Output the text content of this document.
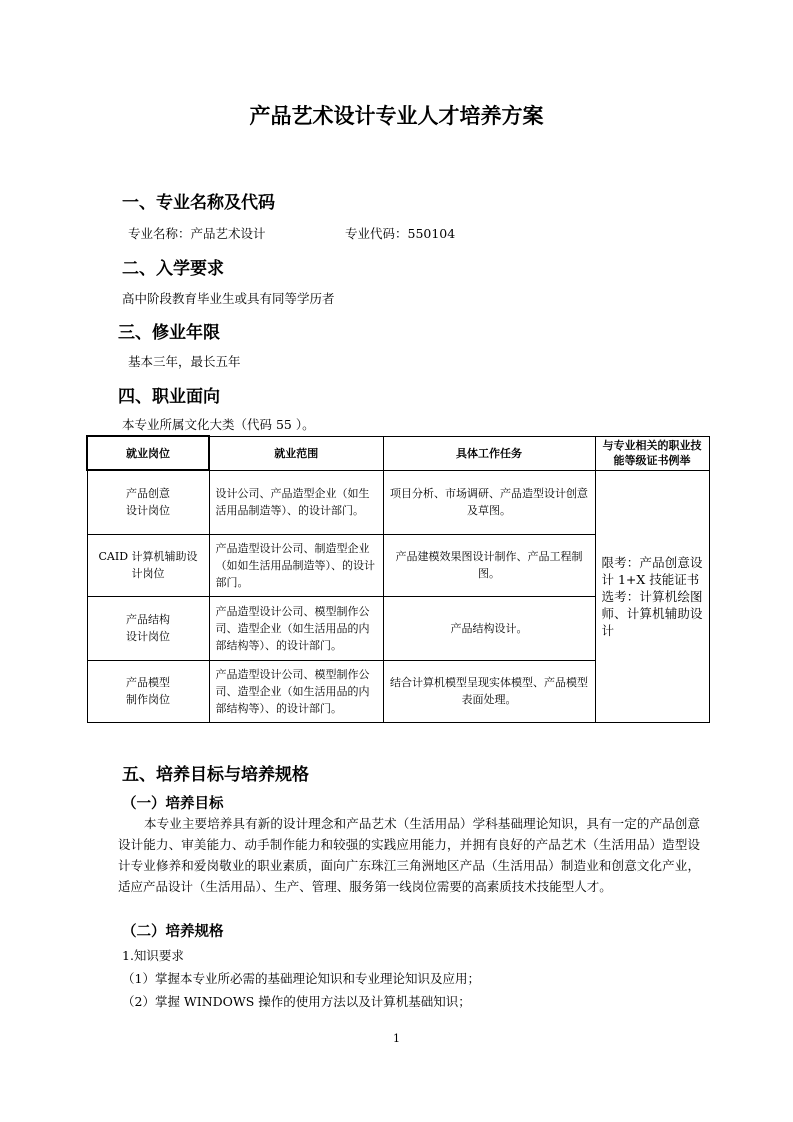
产品艺术设计专业人才培养方案
一、专业名称及代码
专业名称：产品艺术设计	专业代码：550104
二、入学要求
高中阶段教育毕业生或具有同等学历者
三、修业年限
基本三年，最长五年
四、职业面向
本专业所属文化大类（代码 55 ）。
就业岗位	就业范围	具体工作任务	与专业相关的职业技能等级证书例举
产品创意
设计岗位	设计公司、产品造型企业（如生活用品制造等）、的设计部门。	项目分析、市场调研、产品造型设计创意及草图。	限考：产品创意设计 1+X 技能证书
选考：计算机绘图师、计算机辅助设计
CAID 计算机辅助设
计岗位	产品造型设计公司、制造型企业（如如生活用品制造等）、的设计部门。	产品建模效果图设计制作、产品工程制图。	
产品结构
设计岗位	产品造型设计公司、模型制作公司、造型企业（如生活用品的内部结构等）、的设计部门。	产品结构设计。	
产品模型
制作岗位	产品造型设计公司、模型制作公司、造型企业（如生活用品的内部结构等）、的设计部门。	结合计算机模型呈现实体模型、产品模型表面处理。	
五、培养目标与培养规格
（一）培养目标
本专业主要培养具有新的设计理念和产品艺术（生活用品）学科基础理论知识，具有一定的产品创意设计能力、审美能力、动手制作能力和较强的实践应用能力，并拥有良好的产品艺术（生活用品）造型设计专业修养和爱岗敬业的职业素质，面向广东珠江三角洲地区产品（生活用品）制造业和创意文化产业，适应产品设计（生活用品）、生产、管理、服务第一线岗位需要的高素质技术技能型人才。
（二）培养规格
1.知识要求
（1）掌握本专业所必需的基础理论知识和专业理论知识及应用；
（2）掌握 WINDOWS 操作的使用方法以及计算机基础知识；
1
